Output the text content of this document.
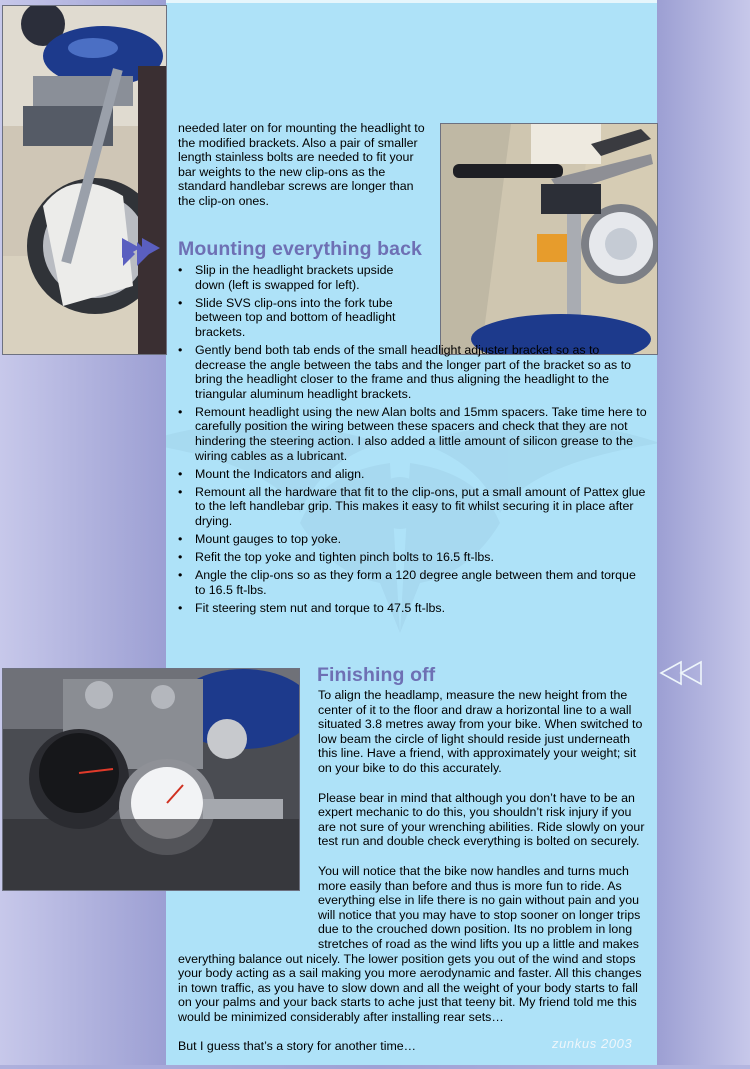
needed later on for mounting the headlight to the modified brackets. Also a pair of smaller length stainless bolts are needed to fit your bar weights to the new clip-ons as the standard handlebar screws are longer than the clip-on ones.
Mounting everything back
• Slip in the headlight brackets upside down (left is swapped for left).
• Slide SVS clip-ons into the fork tube between top and bottom of headlight brackets.
• Gently bend both tab ends of the small headlight adjuster bracket so as to decrease the angle between the tabs and the longer part of the bracket so as to bring the headlight closer to the frame and thus aligning the headlight to the triangular aluminum headlight brackets.
• Remount headlight using the new Alan bolts and 15mm spacers. Take time here to carefully position the wiring between these spacers and check that they are not hindering the steering action. I also added a little amount of silicon grease to the wiring cables as a lubricant.
• Mount the Indicators and align.
• Remount all the hardware that fit to the clip-ons, put a small amount of Pattex glue to the left handlebar grip. This makes it easy to fit whilst securing it in place after drying.
• Mount gauges to top yoke.
• Refit the top yoke and tighten pinch bolts to 16.5 ft-lbs.
• Angle the clip-ons so as they form a 120 degree angle between them and torque to 16.5 ft-lbs.
• Fit steering stem nut and torque to 47.5 ft-lbs.
Finishing off

To align the headlamp, measure the new height from the center of it to the floor and draw a horizontal line to a wall situated 3.8 metres away from your bike. When switched to low beam the circle of light should reside just underneath this line. Have a friend, with approximately your weight; sit on your bike to do this accurately.

Please bear in mind that although you don’t have to be an expert mechanic to do this, you shouldn’t risk injury if you are not sure of your wrenching abilities. Ride slowly on your test run and double check everything is bolted on securely.

You will notice that the bike now handles and turns much more easily than before and thus is more fun to ride. As everything else in life there is no gain without pain and you will notice that you may have to stop sooner on longer trips due to the crouched down position. Its no problem in long stretches of road as the wind lifts you up a little and makes everything balance out nicely. The lower position gets you out of the wind and stops your body acting as a sail making you more aerodynamic and faster. All this changes in town traffic, as you have to slow down and all the weight of your body starts to fall on your palms and your back starts to ache just that teeny bit. My friend told me this would be minimized considerably after installing rear sets…

But I guess that’s a story for another time…	zunkus 2003
